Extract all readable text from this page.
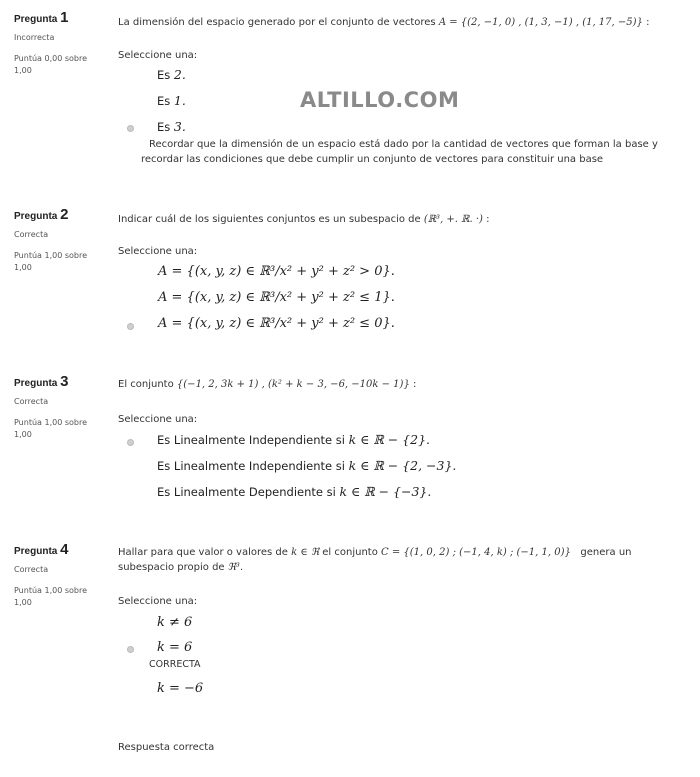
ALTILLO.COM
Pregunta 1
Incorrecta
Puntúa 0,00 sobre
1,00
La dimensión del espacio generado por el conjunto de vectores A = {(2, −1, 0) , (1, 3, −1) , (1, 17, −5)} :
Seleccione una:
Es 2.
Es 1.
Es 3.
Recordar que la dimensión de un espacio está dado por la cantidad de vectores que forman la base y
recordar las condiciones que debe cumplir un conjunto de vectores para constituir una base
Pregunta 2
Correcta
Puntúa 1,00 sobre
1,00
Indicar cuál de los siguientes conjuntos es un subespacio de (ℝ³, +. ℝ. ·) :
Seleccione una:
A = {(x, y, z) ∈ ℝ³/x² + y² + z² > 0}.
A = {(x, y, z) ∈ ℝ³/x² + y² + z² ≤ 1}.
A = {(x, y, z) ∈ ℝ³/x² + y² + z² ≤ 0}.
Pregunta 3
Correcta
Puntúa 1,00 sobre
1,00
El conjunto {(−1, 2, 3k + 1) , (k² + k − 3, −6, −10k − 1)} :
Seleccione una:
Es Linealmente Independiente si k ∈ ℝ − {2}.
Es Linealmente Independiente si k ∈ ℝ − {2, −3}.
Es Linealmente Dependiente si k ∈ ℝ − {−3}.
Pregunta 4
Correcta
Puntúa 1,00 sobre
1,00
Hallar para que valor o valores de k ∈ ℜ el conjunto C = {(1, 0, 2) ; (−1, 4, k) ; (−1, 1, 0)} genera un
subespacio propio de ℜ³.
Seleccione una:
k ≠ 6
k = 6
CORRECTA
k = −6
Respuesta correcta
